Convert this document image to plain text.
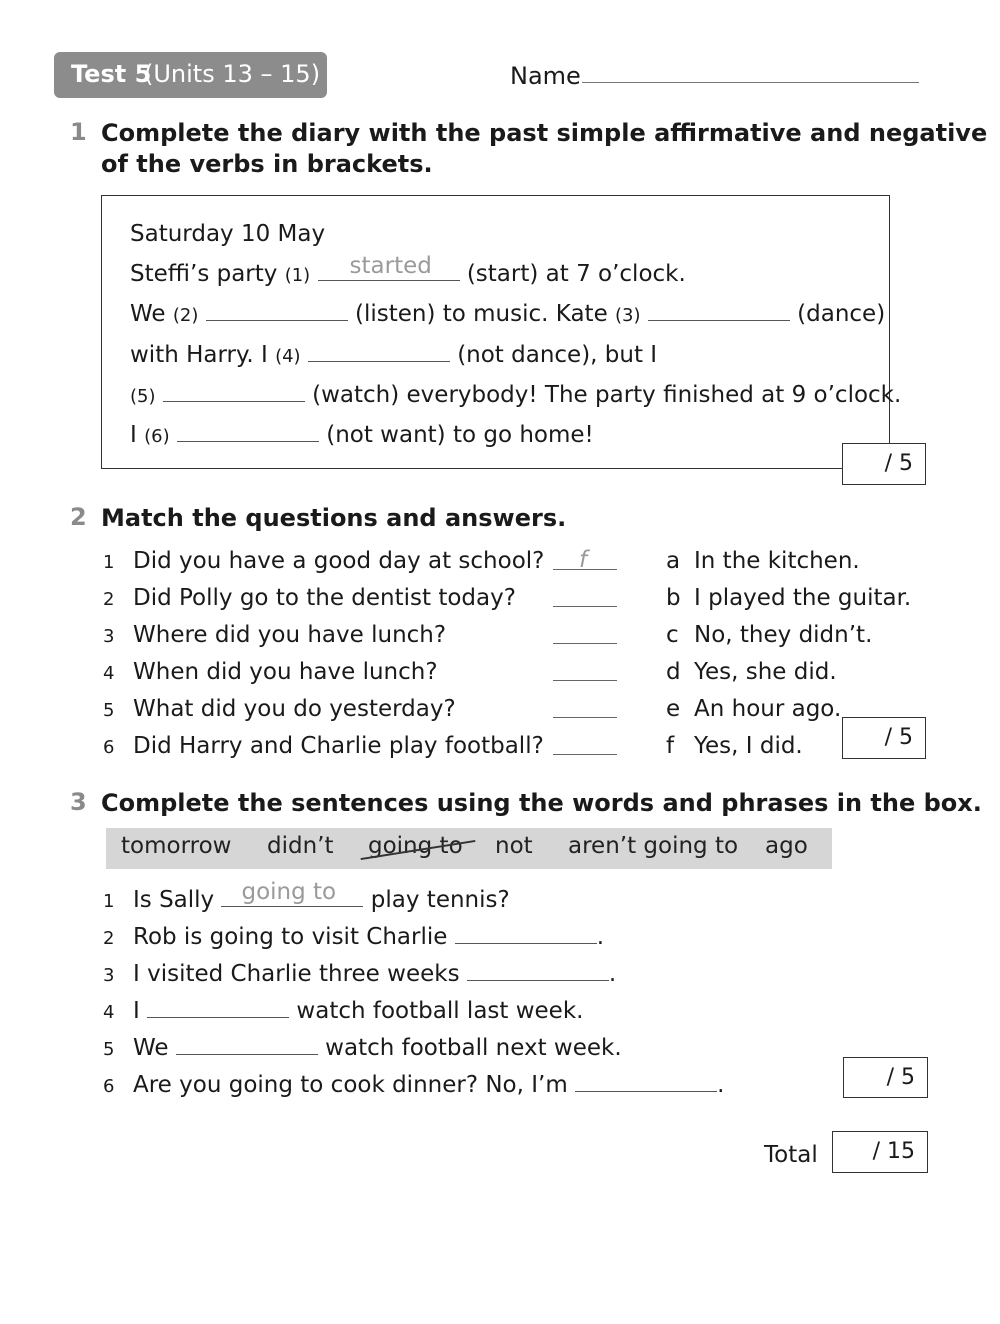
Test 5
(Units 13 – 15)	Name
1 Complete the diary with the past simple affirmative and negative
of the verbs in brackets.
Saturday 10 May
Steffi’s party (1) started (start) at 7 o’clock.
We (2)	(listen) to music. Kate (3)	(dance)
with Harry. I (4)	(not dance), but I
(5)	(watch) everybody! The party finished at 9 o’clock.
I (6)	(not want) to go home!
/ 5
2 Match the questions and answers.
1 Did you have a good day at school? f
2 Did Polly go to the dentist today?
3 Where did you have lunch?
4 When did you have lunch?
5 What did you do yesterday?
6 Did Harry and Charlie play football?
a In the kitchen.
b I played the guitar.
c No, they didn’t.
d Yes, she did.
e An hour ago.
f Yes, I did.	/ 5
3 Complete the sentences using the words and phrases in the box.
tomorrow didn’t going to not aren’t going to ago
1 Is Sally going to play tennis?
2 Rob is going to visit Charlie	.
3 I visited Charlie three weeks	.
4 I	watch football last week.
5 We	watch football next week.
6 Are you going to cook dinner? No, I’m	.	/ 5
Total / 15
